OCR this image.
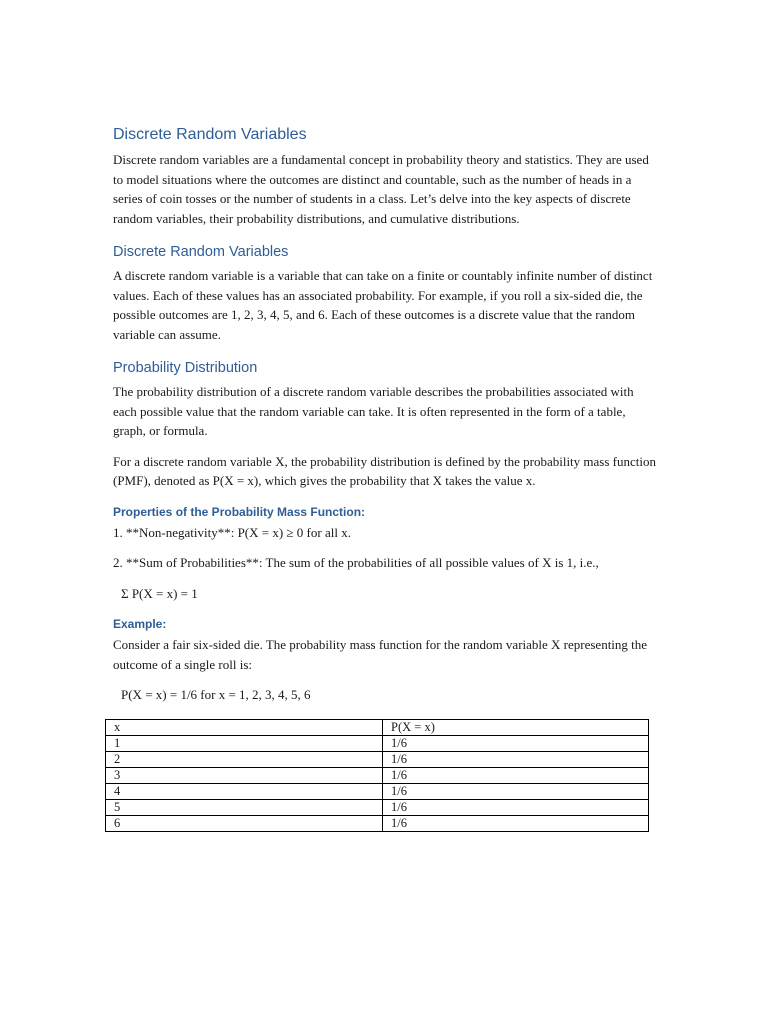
Discrete Random Variables

Discrete random variables are a fundamental concept in probability theory and statistics. They are used to model situations where the outcomes are distinct and countable, such as the number of heads in a series of coin tosses or the number of students in a class. Let’s delve into the key aspects of discrete random variables, their probability distributions, and cumulative distributions.

Discrete Random Variables

A discrete random variable is a variable that can take on a finite or countably infinite number of distinct values. Each of these values has an associated probability. For example, if you roll a six-sided die, the possible outcomes are 1, 2, 3, 4, 5, and 6. Each of these outcomes is a discrete value that the random variable can assume.

Probability Distribution

The probability distribution of a discrete random variable describes the probabilities associated with each possible value that the random variable can take. It is often represented in the form of a table, graph, or formula.

For a discrete random variable X, the probability distribution is defined by the probability mass function (PMF), denoted as P(X = x), which gives the probability that X takes the value x.

Properties of the Probability Mass Function:

1. **Non-negativity**: P(X = x) ≥ 0 for all x.

2. **Sum of Probabilities**: The sum of the probabilities of all possible values of X is 1, i.e.,

Σ P(X = x) = 1

Example:

Consider a fair six-sided die. The probability mass function for the random variable X representing the outcome of a single roll is:

P(X = x) = 1/6 for x = 1, 2, 3, 4, 5, 6

x	P(X = x)
1	1/6
2	1/6
3	1/6
4	1/6
5	1/6
6	1/6
